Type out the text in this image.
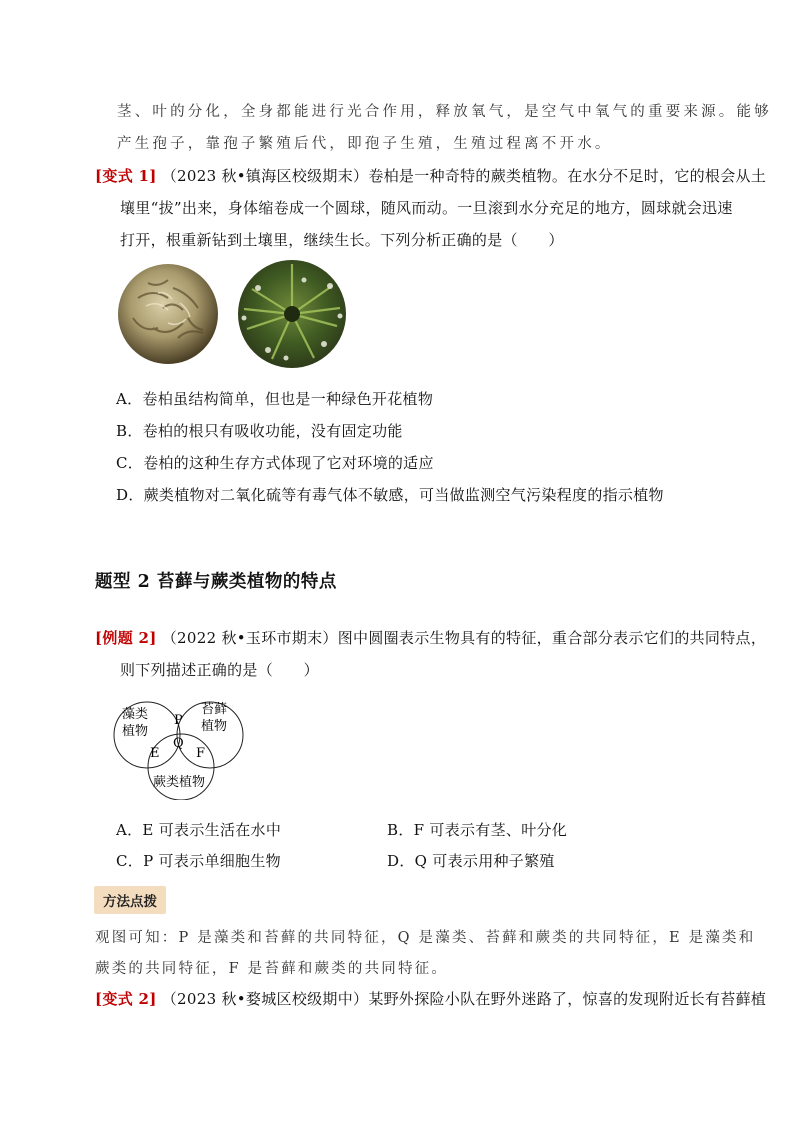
茎、叶的分化，全身都能进行光合作用，释放氧气，是空气中氧气的重要来源。能够
产生孢子，靠孢子繁殖后代，即孢子生殖，生殖过程离不开水。
[变式 1] （2023 秋•镇海区校级期末）卷柏是一种奇特的蕨类植物。在水分不足时，它的根会从土
壤里“拔”出来，身体缩卷成一个圆球，随风而动。一旦滚到水分充足的地方，圆球就会迅速
打开，根重新钻到土壤里，继续生长。下列分析正确的是（　　）
A．卷柏虽结构简单，但也是一种绿色开花植物
B．卷柏的根只有吸收功能，没有固定功能
C．卷柏的这种生存方式体现了它对环境的适应
D．蕨类植物对二氧化硫等有毒气体不敏感，可当做监测空气污染程度的指示植物
题型 2 苔藓与蕨类植物的特点
[例题 2] （2022 秋•玉环市期末）图中圆圈表示生物具有的特征，重合部分表示它们的共同特点，
则下列描述正确的是（　　）
藻类
植物
苔藓
植物
蕨类植物
P
Q
E	F
A．E 可表示生活在水中	B．F 可表示有茎、叶分化
C．P 可表示单细胞生物	D．Q 可表示用种子繁殖
方法点拨
观图可知：P 是藻类和苔藓的共同特征，Q 是藻类、苔藓和蕨类的共同特征，E 是藻类和
蕨类的共同特征，F 是苔藓和蕨类的共同特征。
[变式 2] （2023 秋•婺城区校级期中）某野外探险小队在野外迷路了，惊喜的发现附近长有苔藓植
